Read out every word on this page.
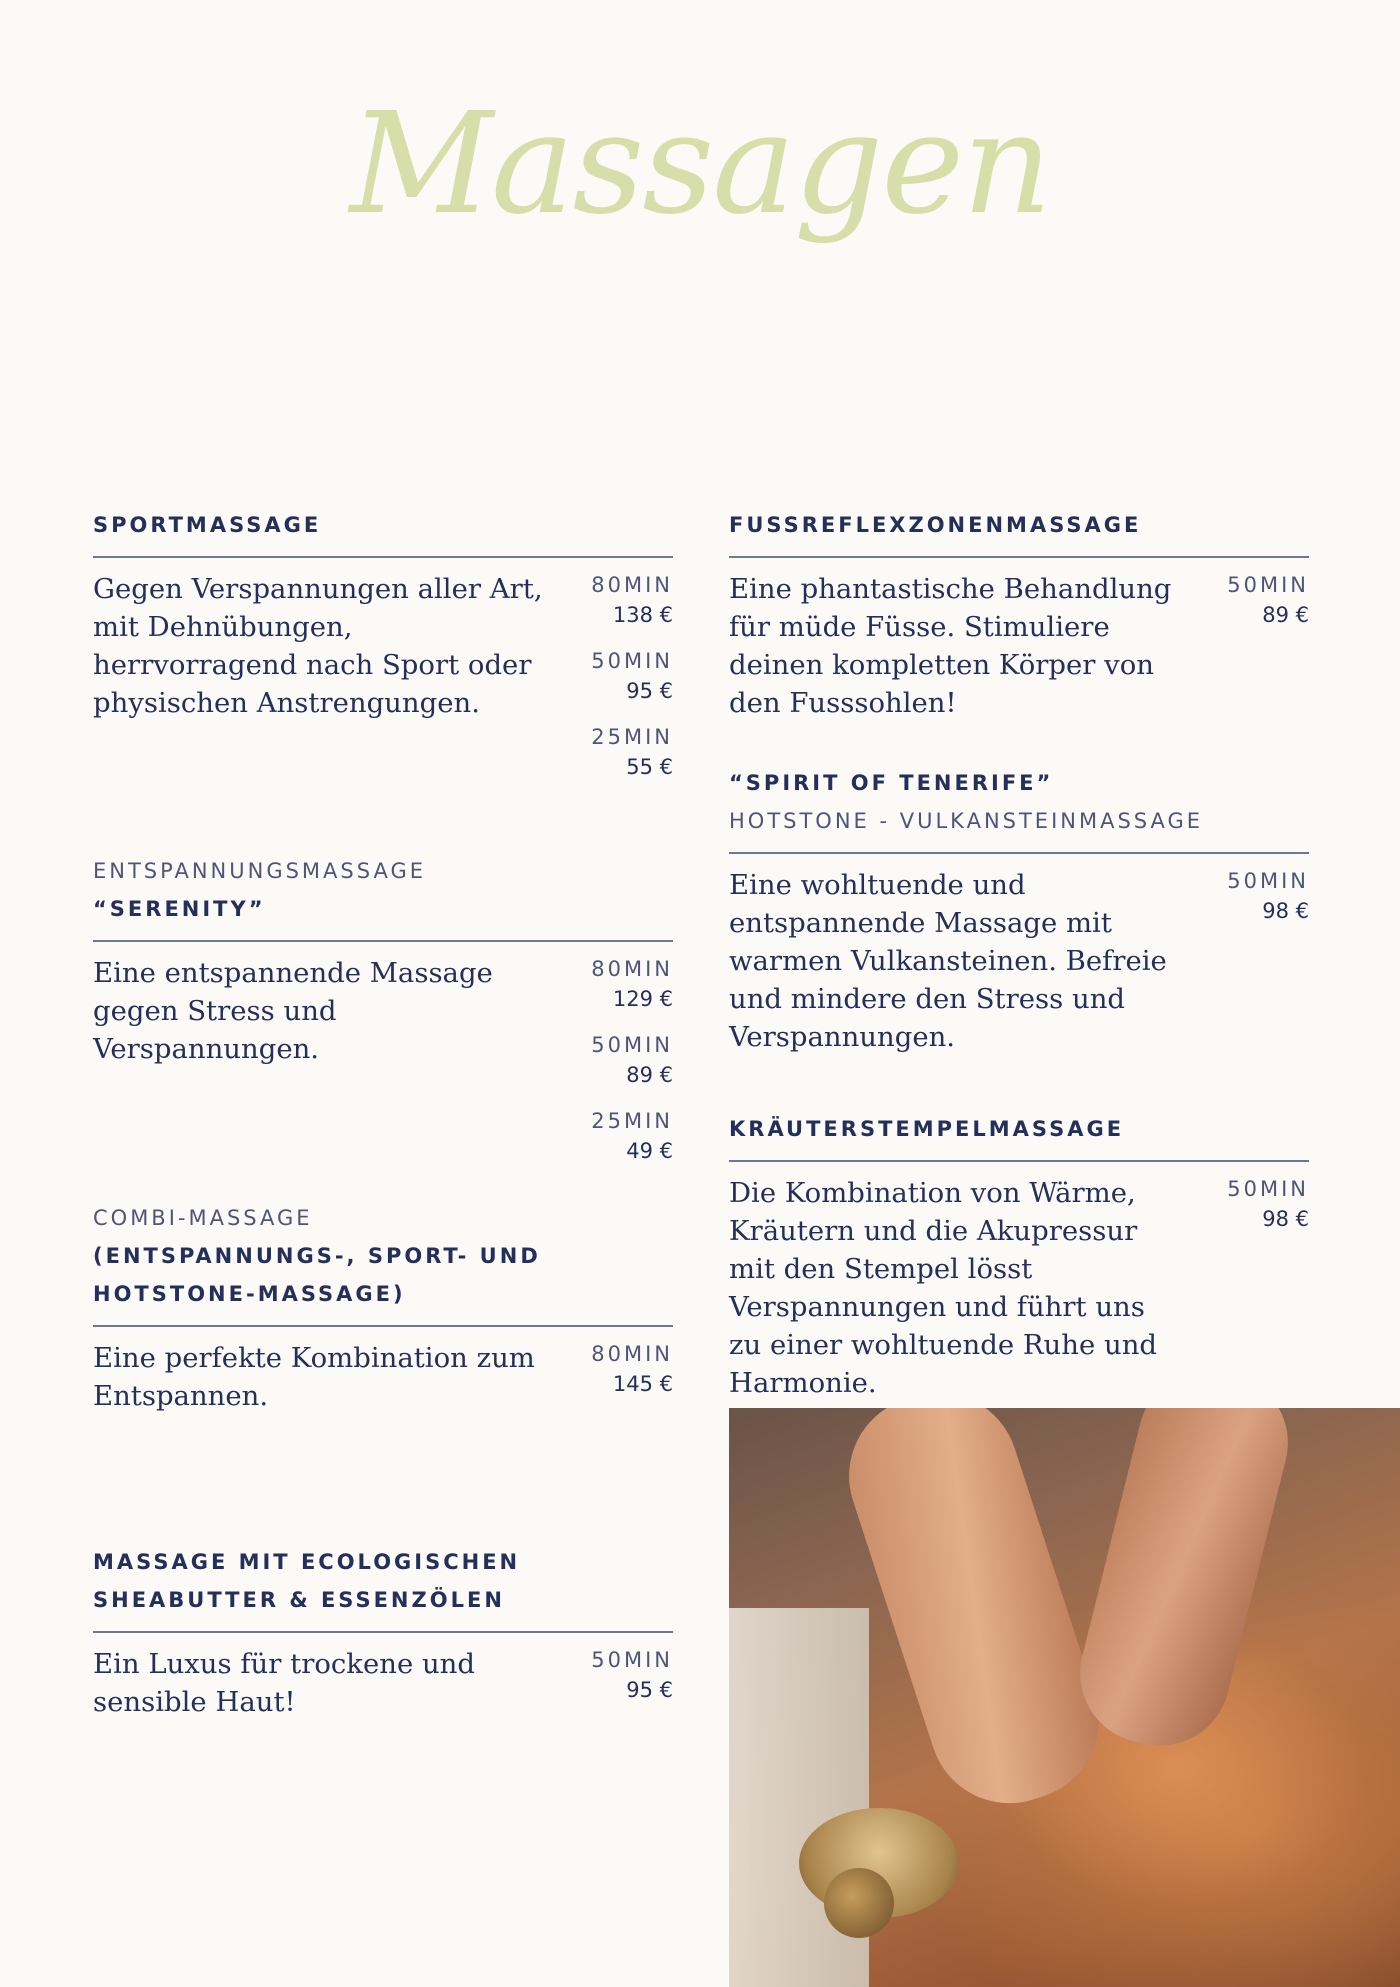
Massagen
SPORTMASSAGE
Gegen Verspannungen aller Art, mit Dehnübungen, herrvorragend nach Sport oder physischen Anstrengungen.
80MIN
138 €
50MIN
95 €
25MIN
55 €
ENTSPANNUNGSMASSAGE
“SERENITY”
Eine entspannende Massage gegen Stress und Verspannungen.
80MIN
129 €
50MIN
89 €
25MIN
49 €
COMBI-MASSAGE
(ENTSPANNUNGS-, SPORT- UND
HOTSTONE-MASSAGE)
Eine perfekte Kombination zum Entspannen.
80MIN
145 €
MASSAGE MIT ECOLOGISCHEN
SHEABUTTER & ESSENZÖLEN
Ein Luxus für trockene und sensible Haut!
50MIN
95 €
FUSSREFLEXZONENMASSAGE
Eine phantastische Behandlung für müde Füsse. Stimuliere deinen kompletten Körper von den Fusssohlen!
50MIN
89 €
“SPIRIT OF TENERIFE”
HOTSTONE - VULKANSTEINMASSAGE
Eine wohltuende und entspannende Massage mit warmen Vulkansteinen. Befreie und mindere den Stress und Verspannungen.
50MIN
98 €
KRÄUTERSTEMPELMASSAGE
Die Kombination von Wärme, Kräutern und die Akupressur mit den Stempel lösst Verspannungen und führt uns zu einer wohltuende Ruhe und Harmonie.
50MIN
98 €
